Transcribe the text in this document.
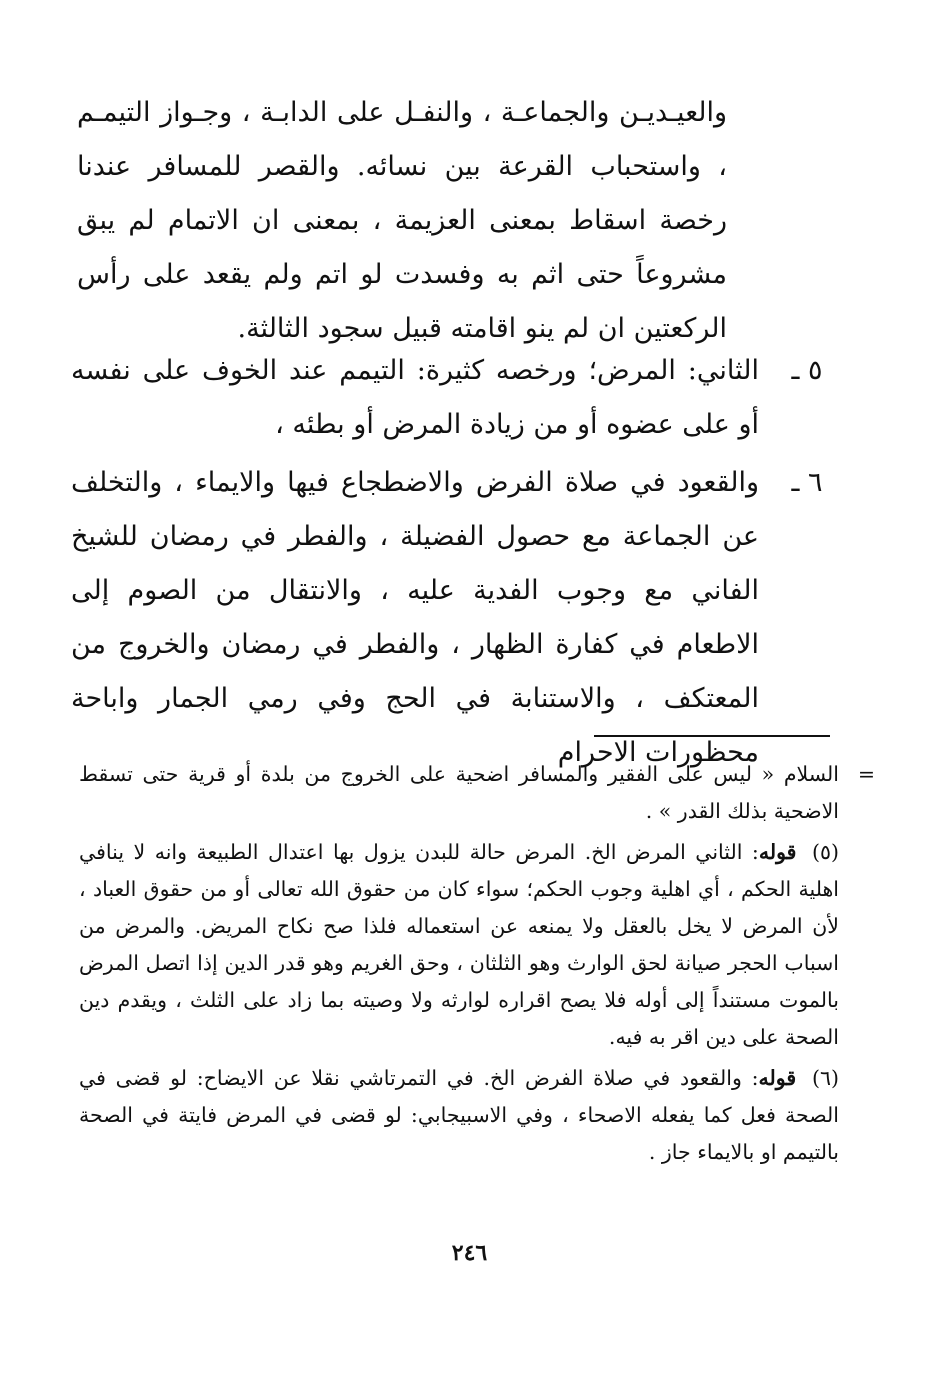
والعيـديـن والجماعـة ، والنفـل على الدابـة ، وجـواز التيمـم ، واستحباب القرعة بين نسائه. والقصر للمسافر عندنا رخصة اسقاط بمعنى العزيمة ، بمعنى ان الاتمام لم يبق مشروعاً حتى اثم به وفسدت لو اتم ولم يقعد على رأس الركعتين ان لم ينو اقامته قبيل سجود الثالثة.

٥ ـ
الثاني: المرض؛ ورخصه كثيرة: التيمم عند الخوف على نفسه أو على عضوه أو من زيادة المرض أو بطئه ،
٦ ـ
والقعود في صلاة الفرض والاضطجاع فيها والايماء ، والتخلف عن الجماعة مع حصول الفضيلة ، والفطر في رمضان للشيخ الفاني مع وجوب الفدية عليه ، والانتقال من الصوم إلى الاطعام في كفارة الظهار ، والفطر في رمضان والخروج من المعتكف ، والاستنابة في الحج وفي رمي الجمار واباحة محظورات الاحرام
=
السلام « ليس على الفقير والمسافر اضحية على الخروج من بلدة أو قرية حتى تسقط الاضحية بذلك القدر » .
(٥) قوله: الثاني المرض الخ. المرض حالة للبدن يزول بها اعتدال الطبيعة وانه لا ينافي اهلية الحكم ، أي اهلية وجوب الحكم؛ سواء كان من حقوق الله تعالى أو من حقوق العباد ، لأن المرض لا يخل بالعقل ولا يمنعه عن استعماله فلذا صح نكاح المريض. والمرض من اسباب الحجر صيانة لحق الوارث وهو الثلثان ، وحق الغريم وهو قدر الدين إذا اتصل المرض بالموت مستنداً إلى أوله فلا يصح اقراره لوارثه ولا وصيته بما زاد على الثلث ، ويقدم دين الصحة على دين اقر به فيه.
(٦) قوله: والقعود في صلاة الفرض الخ. في التمرتاشي نقلا عن الايضاح: لو قضى في الصحة فعل كما يفعله الاصحاء ، وفي الاسبيجابي: لو قضى في المرض فايتة في الصحة بالتيمم او بالايماء جاز .
٢٤٦
